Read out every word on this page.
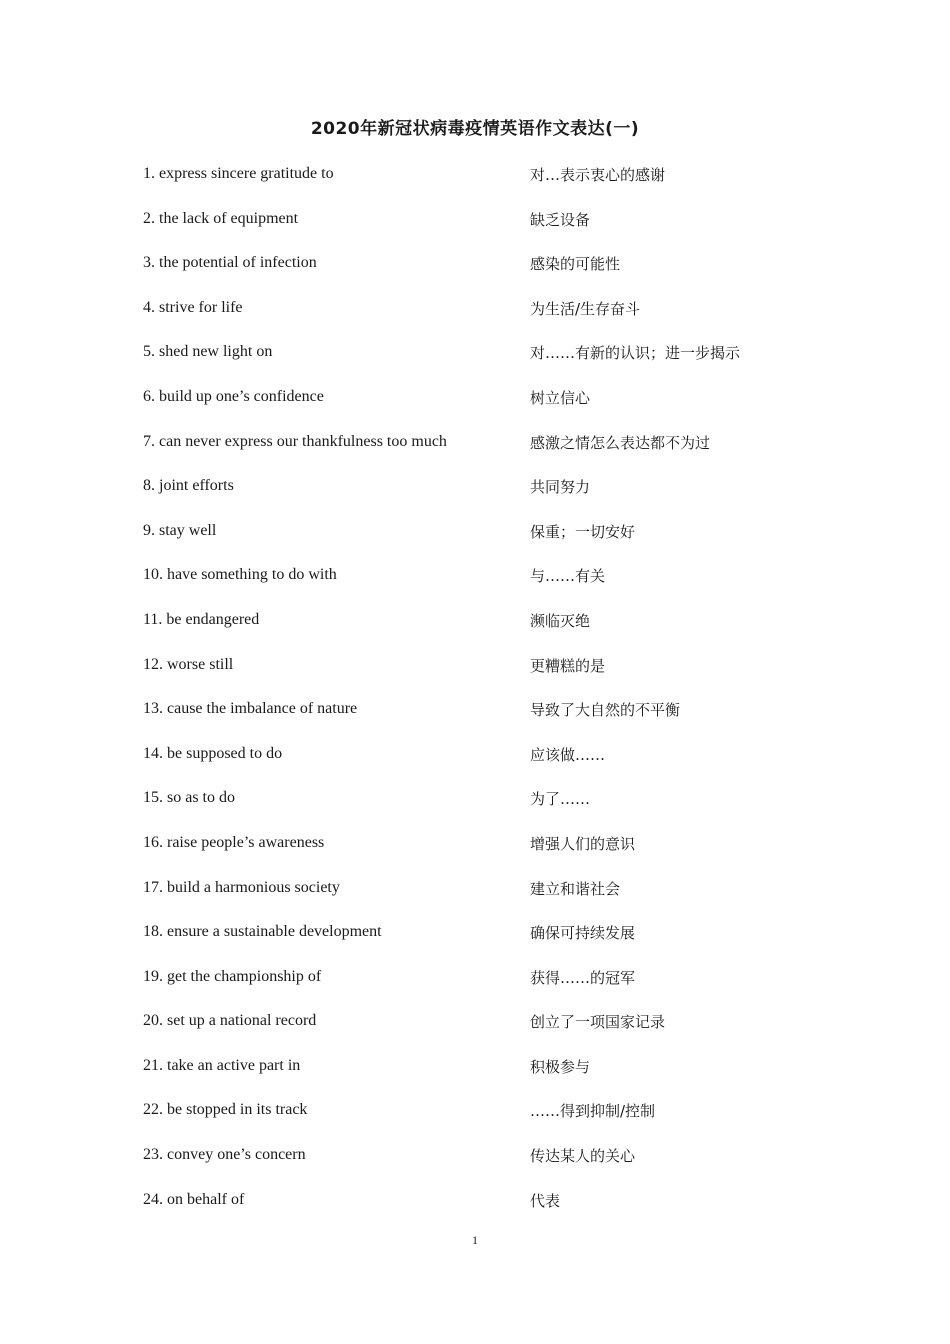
2020年新冠状病毒疫情英语作文表达(一)
1. express sincere gratitude to	对…表示衷心的感谢
2. the lack of equipment	缺乏设备
3. the potential of infection	感染的可能性
4. strive for life	为生活/生存奋斗
5. shed new light on	对……有新的认识；进一步揭示
6. build up one’s confidence	树立信心
7. can never express our thankfulness too much	感激之情怎么表达都不为过
8. joint efforts	共同努力
9. stay well	保重；一切安好
10. have something to do with	与……有关
11. be endangered	濒临灭绝
12. worse still	更糟糕的是
13. cause the imbalance of nature	导致了大自然的不平衡
14. be supposed to do	应该做……
15. so as to do	为了……
16. raise people’s awareness	增强人们的意识
17. build a harmonious society	建立和谐社会
18. ensure a sustainable development	确保可持续发展
19. get the championship of	获得……的冠军
20. set up a national record	创立了一项国家记录
21. take an active part in	积极参与
22. be stopped in its track	……得到抑制/控制
23. convey one’s concern	传达某人的关心
24. on behalf of	代表
1
